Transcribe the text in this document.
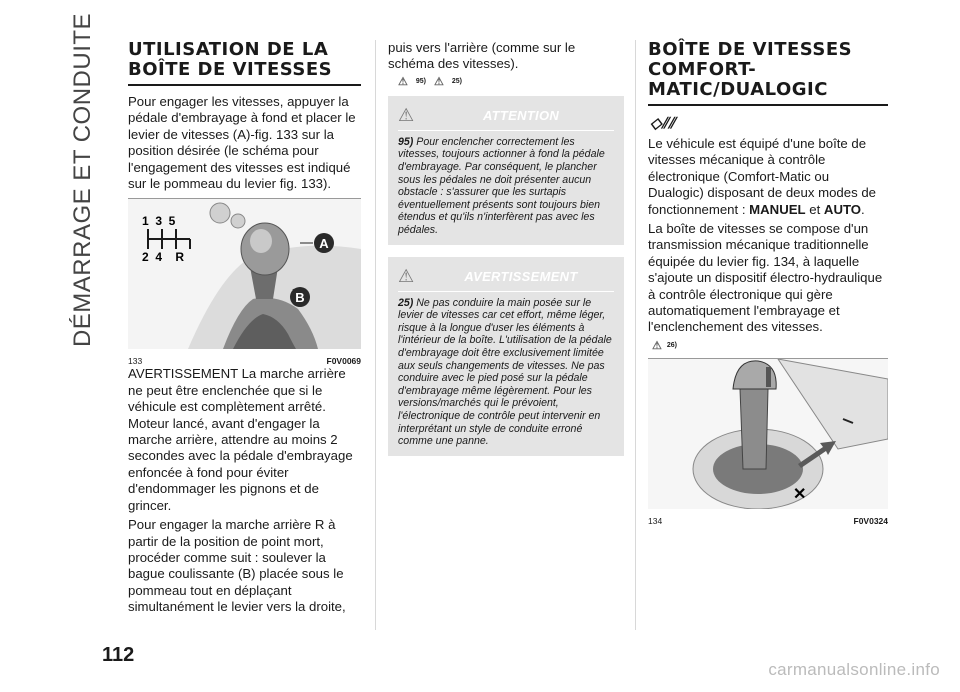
DÉMARRAGE ET CONDUITE UTILISATION DE LA
BOÎTE DE VITESSES

Pour engager les vitesses, appuyer la pédale d'embrayage à fond et placer le levier de vitesses (A)-fig. 133 sur la position désirée (le schéma pour l'engagement des vitesses est indiqué sur le pommeau du levier fig. 133).

A
B
1  3  5
2  4    R
133	F0V0069

AVERTISSEMENT La marche arrière ne peut être enclenchée que si le véhicule est complètement arrêté. Moteur lancé, avant d'engager la marche arrière, attendre au moins 2 secondes avec la pédale d'embrayage enfoncée à fond pour éviter d'endommager les pignons et de grincer.

Pour engager la marche arrière R à partir de la position de point mort, procéder comme suit : soulever la bague coulissante (B) placée sous le pommeau tout en déplaçant simultanément le levier vers la droite,

puis vers l'arrière (comme sur le schéma des vitesses).

⚠ 95) ⚠ 25)
⚠	ATTENTION
95) Pour enclencher correctement les vitesses, toujours actionner à fond la pédale d'embrayage. Par conséquent, le plancher sous les pédales ne doit présenter aucun obstacle : s'assurer que les surtapis éventuellement présents sont toujours bien étendus et qu'ils n'interfèrent pas avec les pédales.
⚠	AVERTISSEMENT
25) Ne pas conduire la main posée sur le levier de vitesses car cet effort, même léger, risque à la longue d'user les éléments à l'intérieur de la boîte. L'utilisation de la pédale d'embrayage doit être exclusivement limitée aux seuls changements de vitesses. Ne pas conduire avec le pied posé sur la pédale d'embrayage même légèrement. Pour les versions/marchés qui le prévoient, l'électronique de contrôle peut intervenir en interprétant un style de conduite erroné comme une panne.
BOÎTE DE VITESSES
COMFORT-
MATIC/DUALOGIC
◇⫽⫽

Le véhicule est équipé d'une boîte de vitesses mécanique à contrôle électronique (Comfort-Matic ou Dualogic) disposant de deux modes de fonctionnement : MANUEL et AUTO.

La boîte de vitesses se compose d'un transmission mécanique traditionnelle équipée du levier fig. 134, à laquelle s'ajoute un dispositif électro-hydraulique à contrôle électronique qui gère automatiquement l'embrayage et l'enclenchement des vitesses.

⚠ 26)
✕
134	F0V0324
112
carmanualsonline.info
